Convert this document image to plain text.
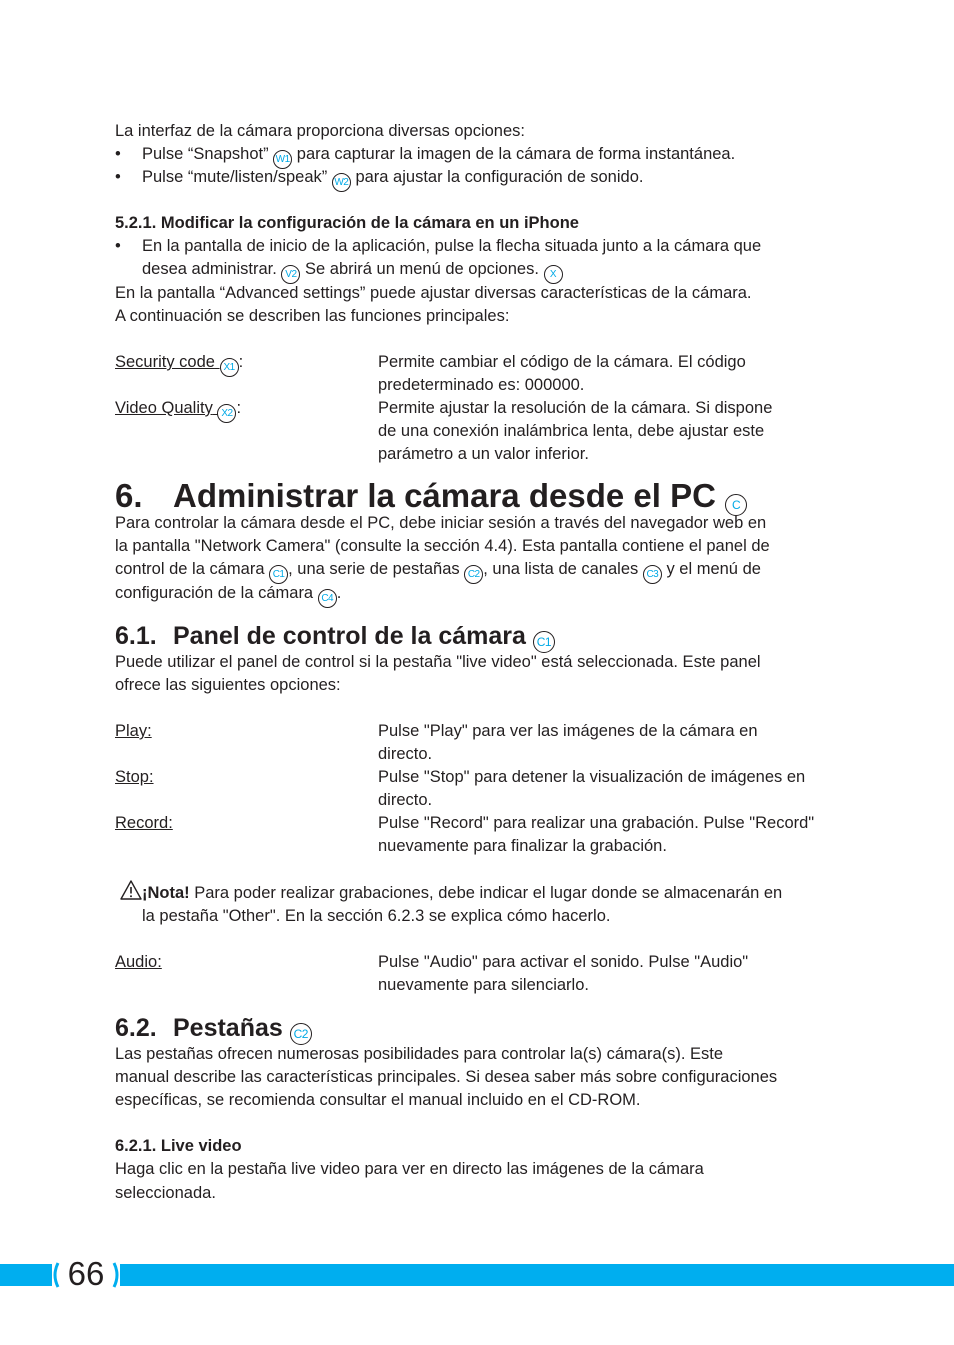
La interfaz de la cámara proporciona diversas opciones:
• Pulse “Snapshot” W1 para capturar la imagen de la cámara de forma instantánea.
• Pulse “mute/listen/speak” W2 para ajustar la configuración de sonido.
5.2.1. Modificar la configuración de la cámara en un iPhone
• En la pantalla de inicio de la aplicación, pulse la flecha situada junto a la cámara que
desea administrar. V2 Se abrirá un menú de opciones. X
En la pantalla “Advanced settings” puede ajustar diversas características de la cámara.
A continuación se describen las funciones principales:
Security code X1 :	Permite cambiar el código de la cámara. El código
predeterminado es: 000000.
Video Quality X2 :	Permite ajustar la resolución de la cámara. Si dispone
de una conexión inalámbrica lenta, debe ajustar este
parámetro a un valor inferior.
6. Administrar la cámara desde el PC C
Para controlar la cámara desde el PC, debe iniciar sesión a través del navegador web en
la pantalla "Network Camera" (consulte la sección 4.4). Esta pantalla contiene el panel de
control de la cámara C1 , una serie de pestañas C2 , una lista de canales C3 y el menú de
configuración de la cámara C4 .
6.1. Panel de control de la cámara C1
Puede utilizar el panel de control si la pestaña "live video" está seleccionada. Este panel
ofrece las siguientes opciones:
Play:	Pulse "Play" para ver las imágenes de la cámara en
directo.
Stop:	Pulse "Stop" para detener la visualización de imágenes en
directo.
Record:	Pulse "Record" para realizar una grabación. Pulse "Record"
nuevamente para finalizar la grabación.
¡Nota! Para poder realizar grabaciones, debe indicar el lugar donde se almacenarán en
la pestaña "Other". En la sección 6.2.3 se explica cómo hacerlo.
Audio:	Pulse "Audio" para activar el sonido. Pulse "Audio"
nuevamente para silenciarlo.
6.2. Pestañas C2
Las pestañas ofrecen numerosas posibilidades para controlar la(s) cámara(s). Este
manual describe las características principales. Si desea saber más sobre configuraciones
específicas, se recomienda consultar el manual incluido en el CD-ROM.
6.2.1. Live video
Haga clic en la pestaña live video para ver en directo las imágenes de la cámara
seleccionada.
66
